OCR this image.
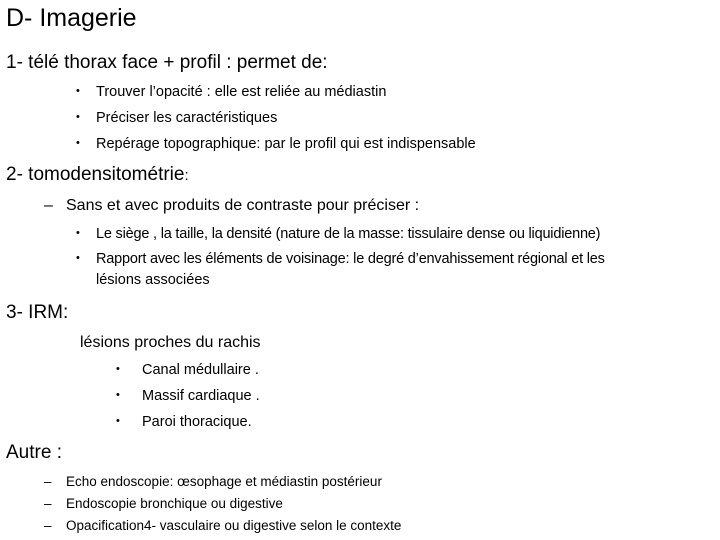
D- Imagerie
1- télé thorax face + profil : permet de:
• Trouver l’opacité : elle est reliée au médiastin
• Préciser les caractéristiques
• Repérage topographique: par le profil qui est indispensable
2- tomodensitométrie:
– Sans et avec produits de contraste pour préciser :
• Le siège , la taille, la densité (nature de la masse: tissulaire dense ou liquidienne)
• Rapport avec les éléments de voisinage: le degré d’envahissement régional et les
lésions associées
3- IRM:
lésions proches du rachis
• Canal médullaire .
• Massif cardiaque .
• Paroi thoracique.
Autre :
– Echo endoscopie: œsophage et médiastin postérieur
– Endoscopie bronchique ou digestive
– Opacification4- vasculaire ou digestive selon le contexte
